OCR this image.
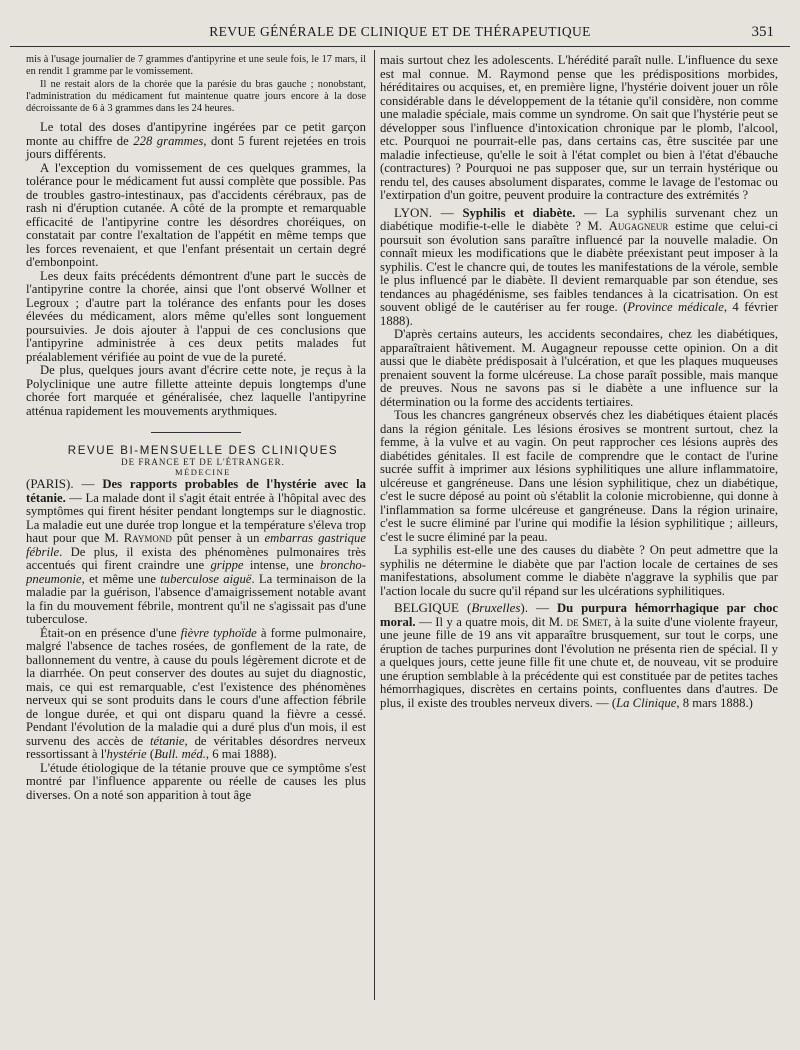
REVUE GÉNÉRALE DE CLINIQUE ET DE THÉRAPEUTIQUE	351

mis à l'usage journalier de 7 grammes d'antipyrine et une seule fois, le 17 mars, il en rendit 1 gramme par le vomissement.

Il ne restait alors de la chorée que la parésie du bras gauche ; nonobstant, l'administration du médicament fut maintenue quatre jours encore à la dose décroissante de 6 à 3 grammes dans les 24 heures.

Le total des doses d'antipyrine ingérées par ce petit garçon monte au chiffre de 228 grammes, dont 5 furent rejetées en trois jours différents.

A l'exception du vomissement de ces quelques grammes, la tolérance pour le médicament fut aussi complète que possible. Pas de troubles gastro-intestinaux, pas d'accidents cérébraux, pas de rash ni d'éruption cutanée. A côté de la prompte et remarquable efficacité de l'antipyrine contre les désordres choréiques, on constatait par contre l'exaltation de l'appétit en même temps que les forces revenaient, et que l'enfant présentait un certain degré d'embonpoint.

Les deux faits précédents démontrent d'une part le succès de l'antipyrine contre la chorée, ainsi que l'ont observé Wollner et Legroux ; d'autre part la tolérance des enfants pour les doses élevées du médicament, alors même qu'elles sont longuement poursuivies. Je dois ajouter à l'appui de ces conclusions que l'antipyrine administrée à ces deux petits malades fut préalablement vérifiée au point de vue de la pureté.

De plus, quelques jours avant d'écrire cette note, je reçus à la Polyclinique une autre fillette atteinte depuis longtemps d'une chorée fort marquée et généralisée, chez laquelle l'antipyrine atténua rapidement les mouvements arythmiques.

REVUE BI-MENSUELLE DES CLINIQUES

DE FRANCE ET DE L'ÉTRANGER.

MÉDECINE

(PARIS). — Des rapports probables de l'hystérie avec la tétanie. — La malade dont il s'agit était entrée à l'hôpital avec des symptômes qui firent hésiter pendant longtemps sur le diagnostic. La maladie eut une durée trop longue et la température s'éleva trop haut pour que M. Raymond pût penser à un embarras gastrique fébrile. De plus, il exista des phénomènes pulmonaires très accentués qui firent craindre une grippe intense, une broncho-pneumonie, et même une tuberculose aiguë. La terminaison de la maladie par la guérison, l'absence d'amaigrissement notable avant la fin du mouvement fébrile, montrent qu'il ne s'agissait pas d'une tuberculose.

Était-on en présence d'une fièvre typhoïde à forme pulmonaire, malgré l'absence de taches rosées, de gonflement de la rate, de ballonnement du ventre, à cause du pouls légèrement dicrote et de la diarrhée. On peut conserver des doutes au sujet du diagnostic, mais, ce qui est remarquable, c'est l'existence des phénomènes nerveux qui se sont produits dans le cours d'une affection fébrile de longue durée, et qui ont disparu quand la fièvre a cessé. Pendant l'évolution de la maladie qui a duré plus d'un mois, il est survenu des accès de tétanie, de véritables désordres nerveux ressortissant à l'hystérie (Bull. méd., 6 mai 1888).

L'étude étiologique de la tétanie prouve que ce symptôme s'est montré par l'influence apparente ou réelle de causes les plus diverses. On a noté son apparition à tout âge

mais surtout chez les adolescents. L'hérédité paraît nulle. L'influence du sexe est mal connue. M. Raymond pense que les prédispositions morbides, héréditaires ou acquises, et, en première ligne, l'hystérie doivent jouer un rôle considérable dans le développement de la tétanie qu'il considère, non comme une maladie spéciale, mais comme un syndrome. On sait que l'hystérie peut se développer sous l'influence d'intoxication chronique par le plomb, l'alcool, etc. Pourquoi ne pourrait-elle pas, dans certains cas, être suscitée par une maladie infectieuse, qu'elle le soit à l'état complet ou bien à l'état d'ébauche (contractures) ? Pourquoi ne pas supposer que, sur un terrain hystérique ou rendu tel, des causes absolument disparates, comme le lavage de l'estomac ou l'extirpation d'un goitre, peuvent produire la contracture des extrémités ?

LYON. — Syphilis et diabète. — La syphilis survenant chez un diabétique modifie-t-elle le diabète ? M. Augagneur estime que celui-ci poursuit son évolution sans paraître influencé par la nouvelle maladie. On connaît mieux les modifications que le diabète préexistant peut imposer à la syphilis. C'est le chancre qui, de toutes les manifestations de la vérole, semble le plus influencé par le diabète. Il devient remarquable par son étendue, ses tendances au phagédénisme, ses faibles tendances à la cicatrisation. On est souvent obligé de le cautériser au fer rouge. (Province médicale, 4 février 1888).

D'après certains auteurs, les accidents secondaires, chez les diabétiques, apparaîtraient hâtivement. M. Augagneur repousse cette opinion. On a dit aussi que le diabète prédisposait à l'ulcération, et que les plaques muqueuses prenaient souvent la forme ulcéreuse. La chose paraît possible, mais manque de preuves. Nous ne savons pas si le diabète a une influence sur la détermination ou la forme des accidents tertiaires.

Tous les chancres gangréneux observés chez les diabétiques étaient placés dans la région génitale. Les lésions érosives se montrent surtout, chez la femme, à la vulve et au vagin. On peut rapprocher ces lésions auprès des diabétides génitales. Il est facile de comprendre que le contact de l'urine sucrée suffit à imprimer aux lésions syphilitiques une allure inflammatoire, ulcéreuse et gangréneuse. Dans une lésion syphilitique, chez un diabétique, c'est le sucre déposé au point où s'établit la colonie microbienne, qui donne à l'inflammation sa forme ulcéreuse et gangréneuse. Dans la région urinaire, c'est le sucre éliminé par l'urine qui modifie la lésion syphilitique ; ailleurs, c'est le sucre éliminé par la peau.

La syphilis est-elle une des causes du diabète ? On peut admettre que la syphilis ne détermine le diabète que par l'action locale de certaines de ses manifestations, absolument comme le diabète n'aggrave la syphilis que par l'action locale du sucre qu'il répand sur les ulcérations syphilitiques.

BELGIQUE (Bruxelles). — Du purpura hémorrhagique par choc moral. — Il y a quatre mois, dit M. de Smet, à la suite d'une violente frayeur, une jeune fille de 19 ans vit apparaître brusquement, sur tout le corps, une éruption de taches purpurines dont l'évolution ne présenta rien de spécial. Il y a quelques jours, cette jeune fille fit une chute et, de nouveau, vit se produire une éruption semblable à la précédente qui est constituée par de petites taches hémorrhagiques, discrètes en certains points, confluentes dans d'autres. De plus, il existe des troubles nerveux divers. — (La Clinique, 8 mars 1888.)
